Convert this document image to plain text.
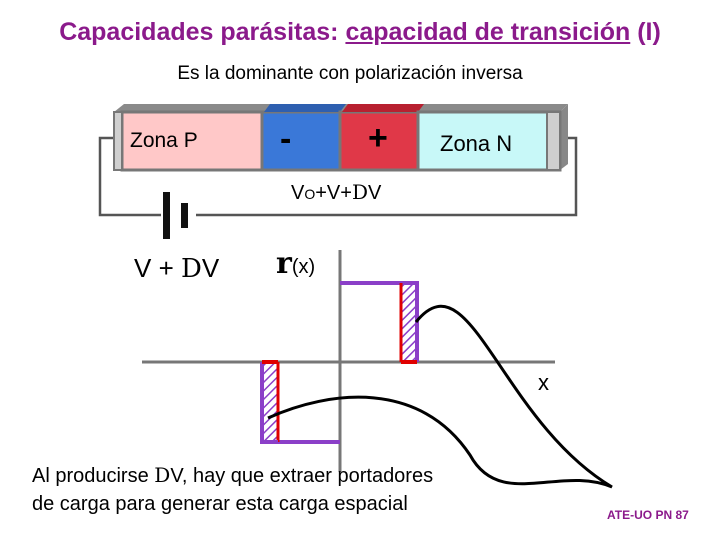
Capacidades parásitas: capacidad de transición (I)
Es la dominante con polarización inversa
Zona P - + Zona N
VO+V+DV
V + DV r(x)
x
Al producirse DV, hay que extraer portadores
de carga para generar esta carga espacial	ATE-UO PN 87
